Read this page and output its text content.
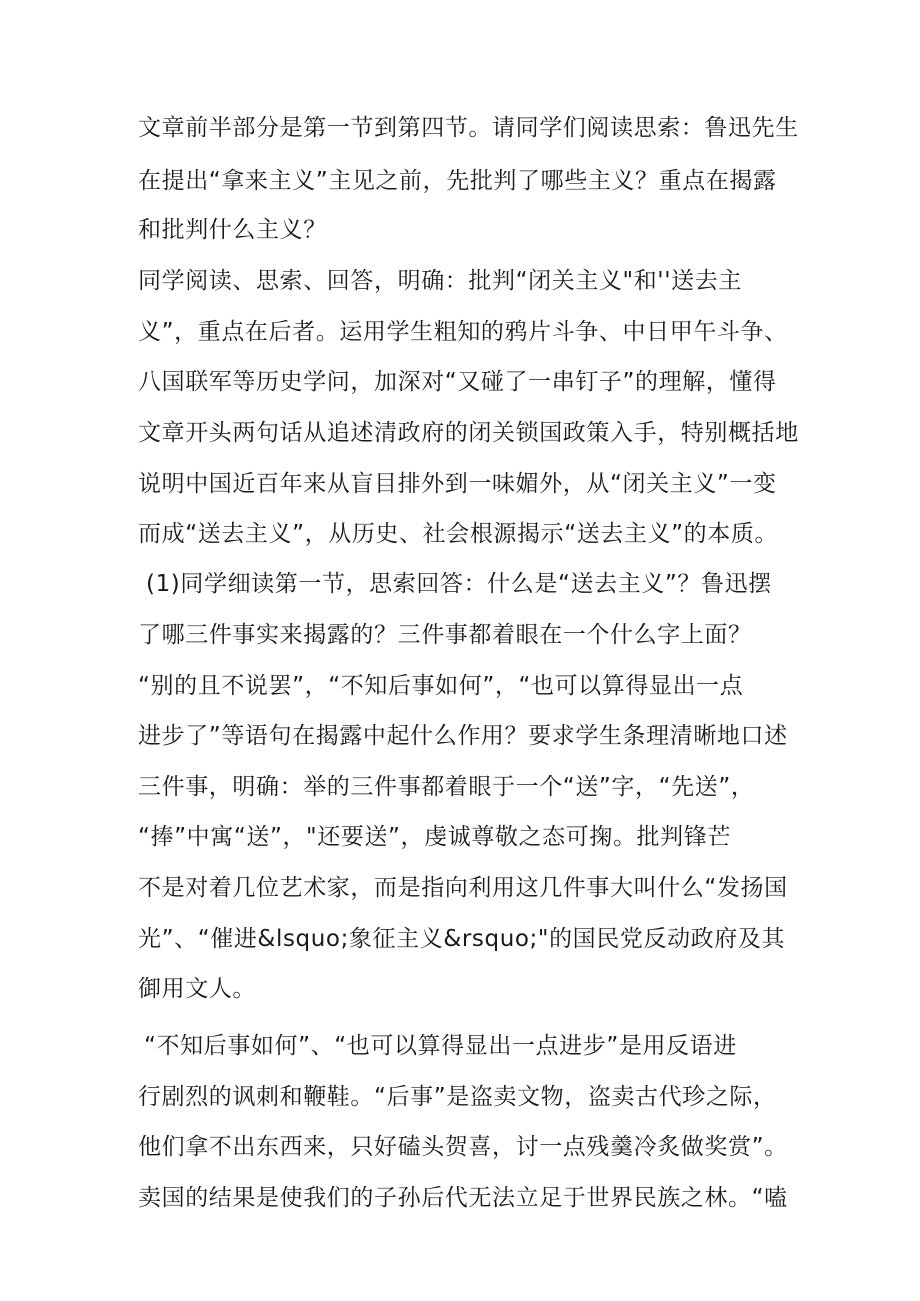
文章前半部分是第一节到第四节。请同学们阅读思索：鲁迅先生
在提出“拿来主义”主见之前，先批判了哪些主义？重点在揭露
和批判什么主义？
同学阅读、思索、回答，明确：批判“闭关主义"和''送去主
义”，重点在后者。运用学生粗知的鸦片斗争、中日甲午斗争、
八国联军等历史学问，加深对“又碰了一串钉子”的理解，懂得
文章开头两句话从追述清政府的闭关锁国政策入手，特别概括地
说明中国近百年来从盲目排外到一味媚外，从“闭关主义”一变
而成“送去主义”，从历史、社会根源揭示“送去主义”的本质。
(1)同学细读第一节，思索回答：什么是“送去主义”？鲁迅摆
了哪三件事实来揭露的？三件事都着眼在一个什么字上面？
“别的且不说罢”，“不知后事如何”，“也可以算得显出一点
进步了”等语句在揭露中起什么作用？要求学生条理清晰地口述
三件事，明确：举的三件事都着眼于一个“送”字，“先送”，
“捧”中寓“送”，"还要送”，虔诚尊敬之态可掬。批判锋芒
不是对着几位艺术家，而是指向利用这几件事大叫什么“发扬国
光”、“催进&lsquo;象征主义&rsquo;"的国民党反动政府及其
御用文人。
“不知后事如何”、“也可以算得显出一点进步”是用反语进
行剧烈的讽刺和鞭鞋。“后事”是盗卖文物，盗卖古代珍之际，
他们拿不出东西来，只好磕头贺喜，讨一点残羹冷炙做奖赏”。
卖国的结果是使我们的子孙后代无法立足于世界民族之林。“嗑
